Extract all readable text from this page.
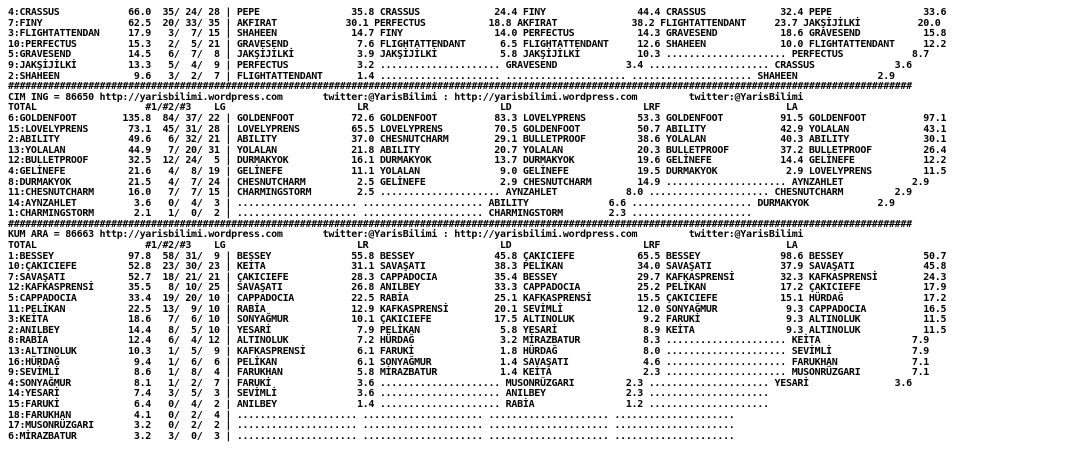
4:CRASSUS            66.0  35/ 24/ 28 | PEPE                35.8 CRASSUS             24.4 FINY                44.4 CRASSUS             32.4 PEPE                33.6
7:FINY               62.5  20/ 33/ 35 | AKFIRAT            30.1 PERFECTUS           18.8 AKFIRAT             38.2 FLIGHTATTENDANT     23.7 JAKŞİJİLKİ          20.0
3:FLIGHTATTENDAN     17.9   3/  7/ 15 | SHAHEEN             14.7 FINY                14.0 PERFECTUS           14.3 GRAVESEND           18.6 GRAVESEND           15.8
10:PERFECTUS         15.3   2/  5/ 21 | GRAVESEND            7.6 FLIGHTATTENDANT      6.5 FLIGHTATTENDANT     12.6 SHAHEEN             10.0 FLIGHTATTENDANT     12.2
5:GRAVESEND          14.5   6/  7/  8 | JAKŞİJİLKİ           3.9 JAKŞİJİLKİ           5.8 JAKŞİJİLKİ          10.3 ..................... PERFECTUS            8.7
9:JAKŞİJİLKİ         13.3   5/  4/  9 | PERFECTUS            3.2 ..................... GRAVESEND            3.4 ..................... CRASSUS              3.6
2:SHAHEEN             9.6   3/  2/  7 | FLIGHTATTENDANT      1.4 ..................... ..................... ..................... SHAHEEN              2.9
##############################################################################################################################################################
CIM ING = 86650 http://yarisbilimi.wordpress.com       twitter:@YarisBilimi : http://yarisbilimi.wordpress.com         twitter:@YarisBilimi
TOTAL                   #1/#2/#3    LG                       LR                       LD                       LRF                      LA
6:GOLDENFOOT        135.8  84/ 37/ 22 | GOLDENFOOT          72.6 GOLDENFOOT          83.3 LOVELYPRENS         53.3 GOLDENFOOT          91.5 GOLDENFOOT          97.1
15:LOVELYPRENS       73.1  45/ 31/ 28 | LOVELYPRENS         65.5 LOVELYPRENS         70.5 GOLDENFOOT          50.7 ABILITY             42.9 YOLALAN             43.1
2:ABILITY            49.6   6/ 32/ 21 | ABILITY             37.0 CHESNUTCHARM        29.1 BULLETPROOF         38.6 YOLALAN             40.3 ABILITY             30.1
13:YOLALAN           44.9   7/ 20/ 31 | YOLALAN             21.8 ABILITY             20.7 YOLALAN             20.3 BULLETPROOF         37.2 BULLETPROOF         26.4
12:BULLETPROOF       32.5  12/ 24/  5 | DURMAKYOK           16.1 DURMAKYOK           13.7 DURMAKYOK           19.6 GELİNEFE            14.4 GELİNEFE            12.2
4:GELİNEFE           21.6   4/  8/ 19 | GELİNEFE            11.1 YOLALAN              9.0 GELİNEFE            19.5 DURMAKYOK            2.9 LOVELYPRENS         11.5
8:DURMAKYOK          21.5   4/  7/ 24 | CHESNUTCHARM         2.5 GELİNEFE             2.9 CHESNUTCHARM        14.9 ..................... AYNZAHLET            2.9
11:CHESNUTCHARM      16.0   7/  7/ 15 | CHARMINGSTORM        2.5 ..................... AYNZAHLET            8.0 ..................... CHESNUTCHARM         2.9
14:AYNZAHLET          3.6   0/  4/  3 | ..................... ..................... ABILITY              6.6 ..................... DURMAKYOK            2.9
1:CHARMINGSTORM       2.1   1/  0/  2 | ..................... ..................... CHARMINGSTORM        2.3 .....................
##############################################################################################################################################################
KUM ARA = 86663 http://yarisbilimi.wordpress.com       twitter:@YarisBilimi : http://yarisbilimi.wordpress.com         twitter:@YarisBilimi
TOTAL                   #1/#2/#3    LG                       LR                       LD                       LRF                      LA
1:BESSEY             97.8  58/ 31/  9 | BESSEY              55.8 BESSEY              45.8 ÇAKICIEFE           65.5 BESSEY              98.6 BESSEY              50.7
10:ÇAKICIEFE         52.8  23/ 30/ 23 | KEİTA               31.1 SAVAŞATI            38.3 PELİKAN             34.0 SAVAŞATI            37.9 SAVAŞATI            45.8
7:SAVAŞATI           52.7  18/ 21/ 21 | ÇAKICIEFE           28.3 CAPPADOCIA          35.4 BESSEY              29.7 KAFKASPRENSİ        32.3 KAFKASPRENSİ        24.3
12:KAFKASPRENSİ      35.5   8/ 10/ 25 | SAVAŞATI            26.8 ANILBEY             33.3 CAPPADOCIA          25.2 PELİKAN             17.2 ÇAKICIEFE           17.9
5:CAPPADOCIA         33.4  19/ 20/ 10 | CAPPADOCIA          22.5 RABİA               25.1 KAFKASPRENSİ        15.5 ÇAKICIEFE           15.1 HÜRDAĞ              17.2
11:PELİKAN           22.5  13/  9/ 10 | RABİA               12.9 KAFKASPRENSİ        20.1 SEVİMLİ             12.0 SONYAĞMUR            9.3 CAPPADOCIA          16.5
3:KEİTA              18.6   7/  6/ 10 | SONYAĞMUR           10.1 ÇAKICIEFE           17.5 ALTINOLUK            9.2 FARUKİ               9.3 ALTINOLUK           11.5
2:ANILBEY            14.4   8/  5/ 10 | YESARİ               7.9 PELİKAN              5.8 YESARİ               8.9 KEİTA                9.3 ALTINOLUK           11.5
8:RABİA              12.4   6/  4/ 12 | ALTINOLUK            7.2 HÜRDAĞ               3.2 MİRAZBATUR           8.3 ..................... KEİTA                7.9
13:ALTINOLUK         10.3   1/  5/  9 | KAFKASPRENSİ         6.1 FARUKİ               1.8 HÜRDAĞ               8.0 ..................... SEVİMLİ              7.9
16:HÜRDAĞ             9.4   1/  6/  6 | PELİKAN              6.1 SONYAĞMUR            1.4 SAVAŞATI             4.6 ..................... FARUKHAN             7.1
9:SEVİMLİ             8.6   1/  8/  4 | FARUKHAN             5.8 MİRAZBATUR           1.4 KEİTA                2.3 ..................... MUSONRÜZGARI         7.1
4:SONYAĞMUR           8.1   1/  2/  7 | FARUKİ               3.6 ..................... MUSONRÜZGARI         2.3 ..................... YESARİ               3.6
14:YESARİ             7.4   3/  5/  3 | SEVİMLİ              3.6 ..................... ANILBEY              2.3 .....................
15:FARUKİ             6.4   0/  4/  2 | ANILBEY              1.4 ..................... RABİA                1.2 .....................
18:FARUKHAN           4.1   0/  2/  4 | ..................... ..................... ..................... .....................
17:MUSONRÜZGARI       3.2   0/  2/  2 | ..................... ..................... ..................... .....................
6:MİRAZBATUR          3.2   3/  0/  3 | ..................... ..................... ..................... .....................
